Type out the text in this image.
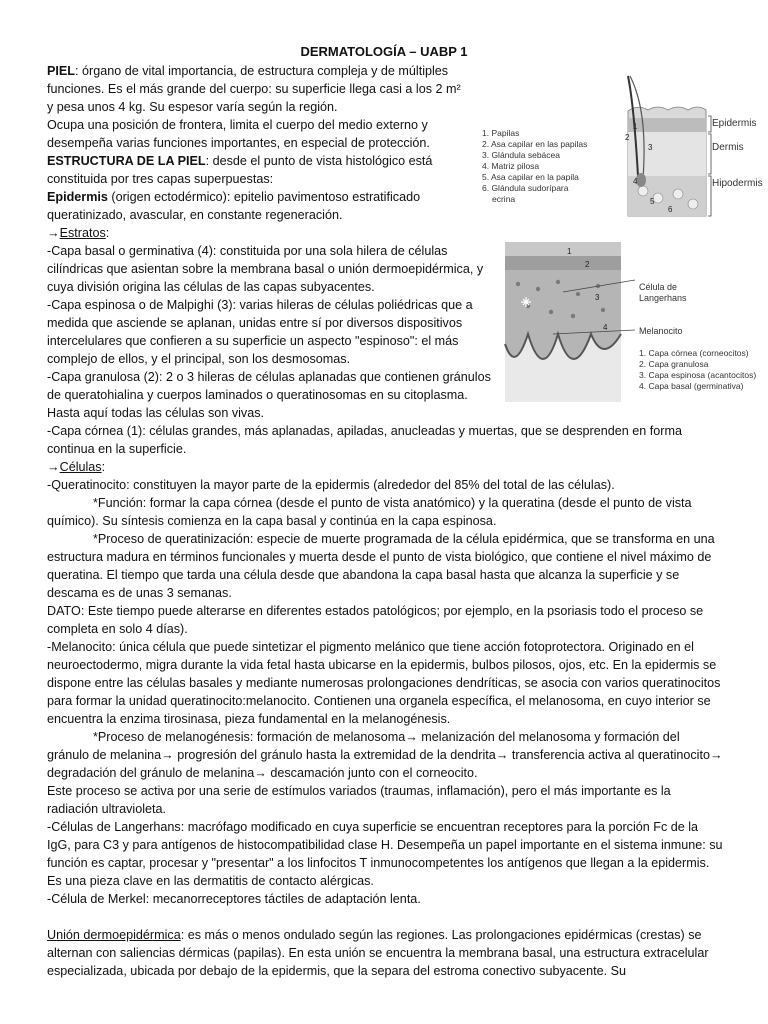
DERMATOLOGÍA – UABP 1
Epidermis
Dermis
Hipodermis
1
2
3
4
5
6
1. Papilas
2. Asa capilar en las papilas
3. Glándula sebácea
4. Matriz pilosa
5. Asa capilar en la papila
6. Glándula sudorípara
ecrina
1
2
3
4
Célula de
Langerhans
Melanocito
1. Capa córnea (corneocitos)
2. Capa granulosa
3. Capa espinosa (acantocitos)
4. Capa basal (germinativa)

PIEL: órgano de vital importancia, de estructura compleja y de múltiples funciones. Es el más grande del cuerpo: su superficie llega casi a los 2 m² y pesa unos 4 kg. Su espesor varía según la región.

Ocupa una posición de frontera, limita el cuerpo del medio externo y desempeña varias funciones importantes, en especial de protección.

ESTRUCTURA DE LA PIEL: desde el punto de vista histológico está constituida por tres capas superpuestas:

Epidermis (origen ectodérmico): epitelio pavimentoso estratificado queratinizado, avascular, en constante regeneración.

→Estratos:

-Capa basal o germinativa (4): constituida por una sola hilera de células cilíndricas que asientan sobre la membrana basal o unión dermoepidérmica, y cuya división origina las células de las capas subyacentes.

-Capa espinosa o de Malpighi (3): varias hileras de células poliédricas que a medida que asciende se aplanan, unidas entre sí por diversos dispositivos intercelulares que confieren a su superficie un aspecto "espinoso": el más complejo de ellos, y el principal, son los desmosomas.

-Capa granulosa (2): 2 o 3 hileras de células aplanadas que contienen gránulos de queratohialina y cuerpos laminados o queratinosomas en su citoplasma. Hasta aquí todas las células son vivas.

-Capa córnea (1): células grandes, más aplanadas, apiladas, anucleadas y muertas, que se desprenden en forma continua en la superficie.

→Células:

-Queratinocito: constituyen la mayor parte de la epidermis (alrededor del 85% del total de las células).

*Función: formar la capa córnea (desde el punto de vista anatómico) y la queratina (desde el punto de vista químico). Su síntesis comienza en la capa basal y continúa en la capa espinosa.

*Proceso de queratinización: especie de muerte programada de la célula epidérmica, que se transforma en una estructura madura en términos funcionales y muerta desde el punto de vista biológico, que contiene el nivel máximo de queratina. El tiempo que tarda una célula desde que abandona la capa basal hasta que alcanza la superficie y se descama es de unas 3 semanas.

DATO: Este tiempo puede alterarse en diferentes estados patológicos; por ejemplo, en la psoriasis todo el proceso se completa en solo 4 días).

-Melanocito: única célula que puede sintetizar el pigmento melánico que tiene acción fotoprotectora. Originado en el neuroectodermo, migra durante la vida fetal hasta ubicarse en la epidermis, bulbos pilosos, ojos, etc. En la epidermis se dispone entre las células basales y mediante numerosas prolongaciones dendríticas, se asocia con varios queratinocitos para formar la unidad queratinocito:melanocito. Contienen una organela específica, el melanosoma, en cuyo interior se encuentra la enzima tirosinasa, pieza fundamental en la melanogénesis.

*Proceso de melanogénesis: formación de melanosoma→ melanización del melanosoma y formación del gránulo de melanina→ progresión del gránulo hasta la extremidad de la dendrita→ transferencia activa al queratinocito→ degradación del gránulo de melanina→ descamación junto con el corneocito.

Este proceso se activa por una serie de estímulos variados (traumas, inflamación), pero el más importante es la radiación ultravioleta.

-Células de Langerhans: macrófago modificado en cuya superficie se encuentran receptores para la porción Fc de la IgG, para C3 y para antígenos de histocompatibilidad clase H. Desempeña un papel importante en el sistema inmune: su función es captar, procesar y "presentar" a los linfocitos T inmunocompetentes los antígenos que llegan a la epidermis. Es una pieza clave en las dermatitis de contacto alérgicas.

-Célula de Merkel: mecanorreceptores táctiles de adaptación lenta.

Unión dermoepidérmica: es más o menos ondulado según las regiones. Las prolongaciones epidérmicas (crestas) se alternan con saliencias dérmicas (papilas). En esta unión se encuentra la membrana basal, una estructura extracelular especializada, ubicada por debajo de la epidermis, que la separa del estroma conectivo subyacente. Su
